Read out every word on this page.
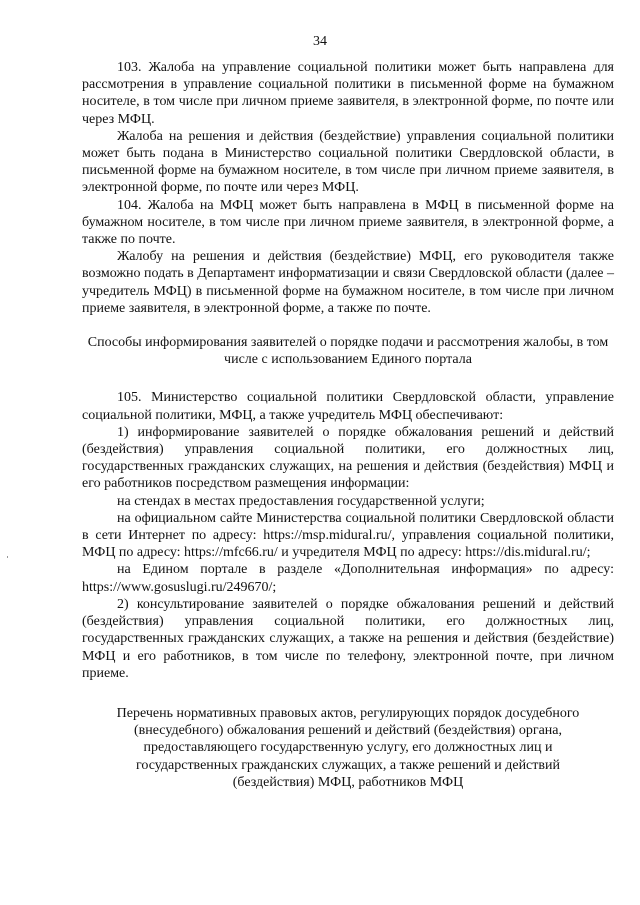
34

103. Жалоба на управление социальной политики может быть направлена для рассмотрения в управление социальной политики в письменной форме на бумажном носителе, в том числе при личном приеме заявителя, в электронной форме, по почте или через МФЦ.

Жалоба на решения и действия (бездействие) управления социальной политики может быть подана в Министерство социальной политики Свердловской области, в письменной форме на бумажном носителе, в том числе при личном приеме заявителя, в электронной форме, по почте или через МФЦ.

104. Жалоба на МФЦ может быть направлена в МФЦ в письменной форме на бумажном носителе, в том числе при личном приеме заявителя, в электронной форме, а также по почте.

Жалобу на решения и действия (бездействие) МФЦ, его руководителя также возможно подать в Департамент информатизации и связи Свердловской области (далее – учредитель МФЦ) в письменной форме на бумажном носителе, в том числе при личном приеме заявителя, в электронной форме, а также по почте.

Способы информирования заявителей о порядке подачи и рассмотрения жалобы, в том числе с использованием Единого портала

105. Министерство социальной политики Свердловской области, управление социальной политики, МФЦ, а также учредитель МФЦ обеспечивают:

1) информирование заявителей о порядке обжалования решений и действий (бездействия) управления социальной политики, его должностных лиц, государственных гражданских служащих, на решения и действия (бездействия) МФЦ и его работников посредством размещения информации:

на стендах в местах предоставления государственной услуги;

на официальном сайте Министерства социальной политики Свердловской области в сети Интернет по адресу: https://msp.midural.ru/, управления социальной политики, МФЦ по адресу: https://mfc66.ru/ и учредителя МФЦ по адресу: https://dis.midural.ru/;

на Едином портале в разделе «Дополнительная информация» по адресу: https://www.gosuslugi.ru/249670/;

2) консультирование заявителей о порядке обжалования решений и действий (бездействия) управления социальной политики, его должностных лиц, государственных гражданских служащих, а также на решения и действия (бездействие) МФЦ и его работников, в том числе по телефону, электронной почте, при личном приеме.

Перечень нормативных правовых актов, регулирующих порядок досудебного (внесудебного) обжалования решений и действий (бездействия) органа, предоставляющего государственную услугу, его должностных лиц и государственных гражданских служащих, а также решений и действий (бездействия) МФЦ, работников МФЦ
